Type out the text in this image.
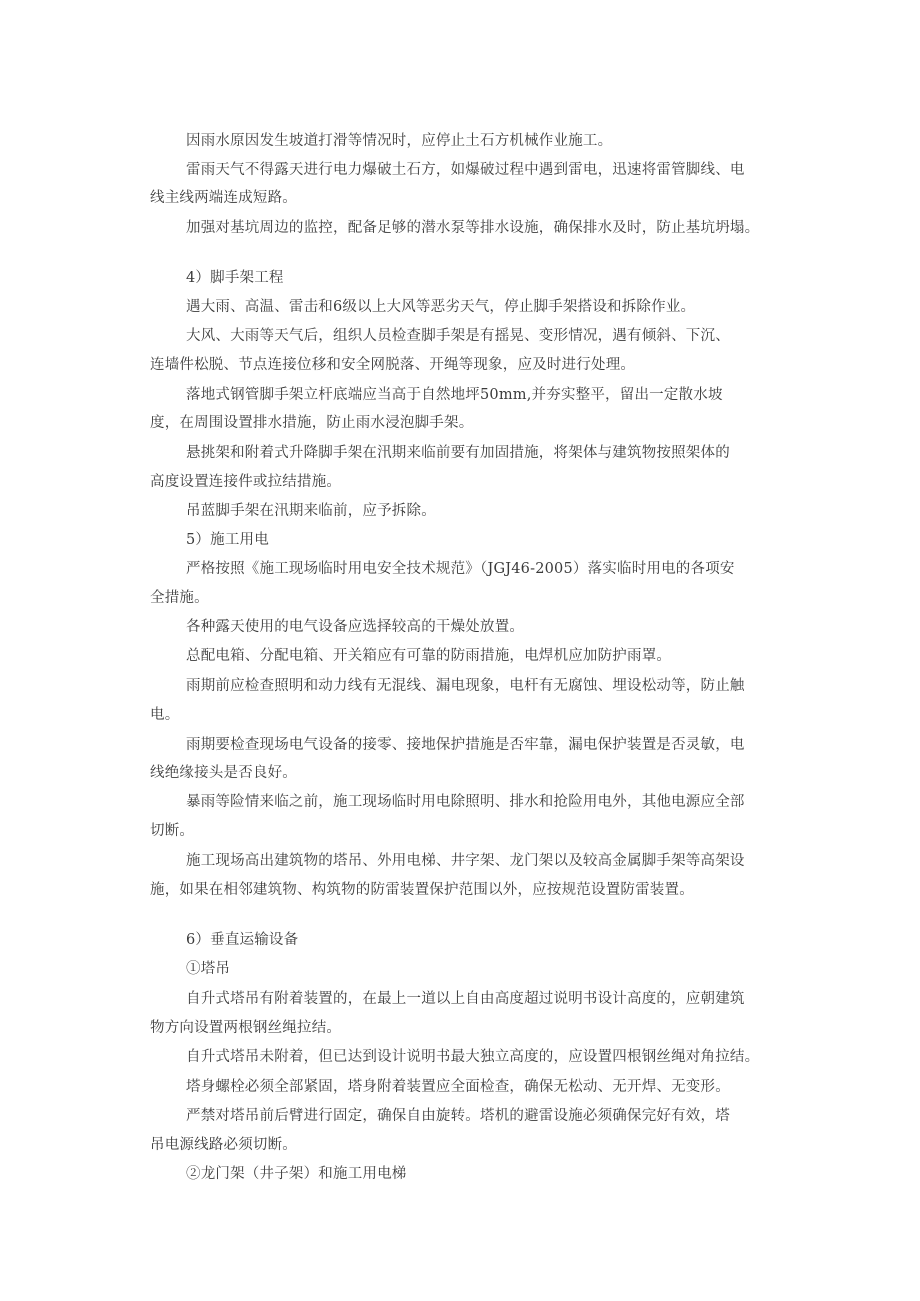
因雨水原因发生坡道打滑等情况时，应停止土石方机械作业施工。

雷雨天气不得露天进行电力爆破土石方，如爆破过程中遇到雷电，迅速将雷管脚线、电

线主线两端连成短路。

加强对基坑周边的监控，配备足够的潜水泵等排水设施，确保排水及时，防止基坑坍塌。

4）脚手架工程

遇大雨、高温、雷击和6级以上大风等恶劣天气，停止脚手架搭设和拆除作业。

大风、大雨等天气后，组织人员检查脚手架是有摇晃、变形情况，遇有倾斜、下沉、

连墙件松脱、节点连接位移和安全网脱落、开绳等现象，应及时进行处理。

落地式钢管脚手架立杆底端应当高于自然地坪50mm,并夯实整平，留出一定散水坡

度，在周围设置排水措施，防止雨水浸泡脚手架。

悬挑架和附着式升降脚手架在汛期来临前要有加固措施，将架体与建筑物按照架体的

高度设置连接件或拉结措施。

吊蓝脚手架在汛期来临前，应予拆除。

5）施工用电

严格按照《施工现场临时用电安全技术规范》（JGJ46-2005）落实临时用电的各项安

全措施。

各种露天使用的电气设备应选择较高的干燥处放置。

总配电箱、分配电箱、开关箱应有可靠的防雨措施，电焊机应加防护雨罩。

雨期前应检查照明和动力线有无混线、漏电现象，电杆有无腐蚀、埋设松动等，防止触

电。

雨期要检查现场电气设备的接零、接地保护措施是否牢靠，漏电保护装置是否灵敏，电

线绝缘接头是否良好。

暴雨等险情来临之前，施工现场临时用电除照明、排水和抢险用电外，其他电源应全部

切断。

施工现场高出建筑物的塔吊、外用电梯、井字架、龙门架以及较高金属脚手架等高架设

施，如果在相邻建筑物、构筑物的防雷装置保护范围以外，应按规范设置防雷装置。

6）垂直运输设备

①塔吊

自升式塔吊有附着装置的，在最上一道以上自由高度超过说明书设计高度的，应朝建筑

物方向设置两根钢丝绳拉结。

自升式塔吊未附着，但已达到设计说明书最大独立高度的，应设置四根钢丝绳对角拉结。

塔身螺栓必须全部紧固，塔身附着装置应全面检查，确保无松动、无开焊、无变形。

严禁对塔吊前后臂进行固定，确保自由旋转。塔机的避雷设施必须确保完好有效，塔

吊电源线路必须切断。

②龙门架（井子架）和施工用电梯
